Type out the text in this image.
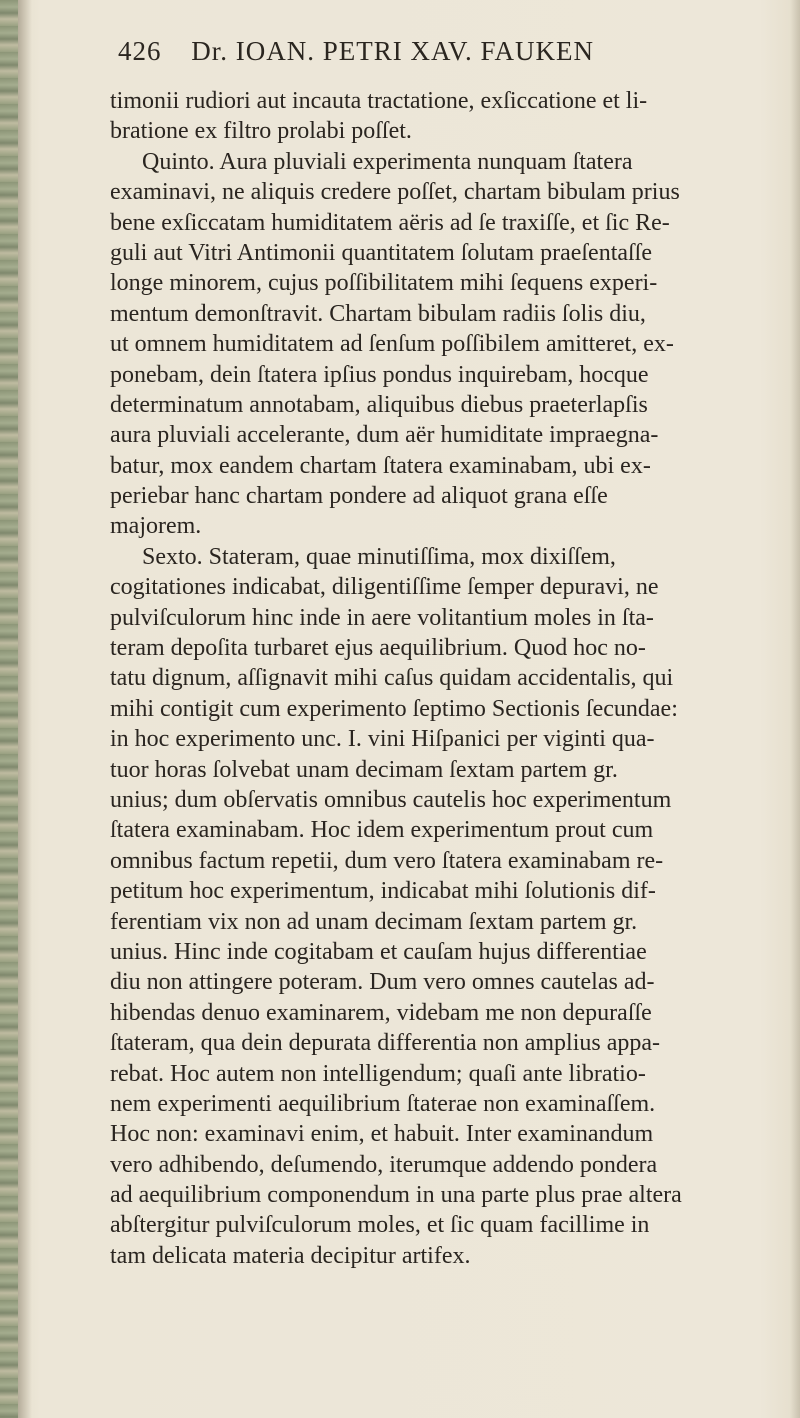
426 Dr. IOAN. PETRI XAV. FAUKEN
timonii rudiori aut incauta tractatione, exſiccatione et li-
bratione ex filtro prolabi poſſet.
Quinto. Aura pluviali experimenta nunquam ſtatera
examinavi, ne aliquis credere poſſet, chartam bibulam prius
bene exſiccatam humiditatem aëris ad ſe traxiſſe, et ſic Re-
guli aut Vitri Antimonii quantitatem ſolutam praeſentaſſe
longe minorem, cujus poſſibilitatem mihi ſequens experi-
mentum demonſtravit. Chartam bibulam radiis ſolis diu,
ut omnem humiditatem ad ſenſum poſſibilem amitteret, ex-
ponebam, dein ſtatera ipſius pondus inquirebam, hocque
determinatum annotabam, aliquibus diebus praeterlapſis
aura pluviali accelerante, dum aër humiditate impraegna-
batur, mox eandem chartam ſtatera examinabam, ubi ex-
periebar hanc chartam pondere ad aliquot grana eſſe
majorem.
Sexto. Stateram, quae minutiſſima, mox dixiſſem,
cogitationes indicabat, diligentiſſime ſemper depuravi, ne
pulviſculorum hinc inde in aere volitantium moles in ſta-
teram depoſita turbaret ejus aequilibrium. Quod hoc no-
tatu dignum, aſſignavit mihi caſus quidam accidentalis, qui
mihi contigit cum experimento ſeptimo Sectionis ſecundae:
in hoc experimento unc. I. vini Hiſpanici per viginti qua-
tuor horas ſolvebat unam decimam ſextam partem gr.
unius; dum obſervatis omnibus cautelis hoc experimentum
ſtatera examinabam. Hoc idem experimentum prout cum
omnibus factum repetii, dum vero ſtatera examinabam re-
petitum hoc experimentum, indicabat mihi ſolutionis dif-
ferentiam vix non ad unam decimam ſextam partem gr.
unius. Hinc inde cogitabam et cauſam hujus differentiae
diu non attingere poteram. Dum vero omnes cautelas ad-
hibendas denuo examinarem, videbam me non depuraſſe
ſtateram, qua dein depurata differentia non amplius appa-
rebat. Hoc autem non intelligendum; quaſi ante libratio-
nem experimenti aequilibrium ſtaterae non examinaſſem.
Hoc non: examinavi enim, et habuit. Inter examinandum
vero adhibendo, deſumendo, iterumque addendo pondera
ad aequilibrium componendum in una parte plus prae altera
abſtergitur pulviſculorum moles, et ſic quam facillime in
tam delicata materia decipitur artifex.
